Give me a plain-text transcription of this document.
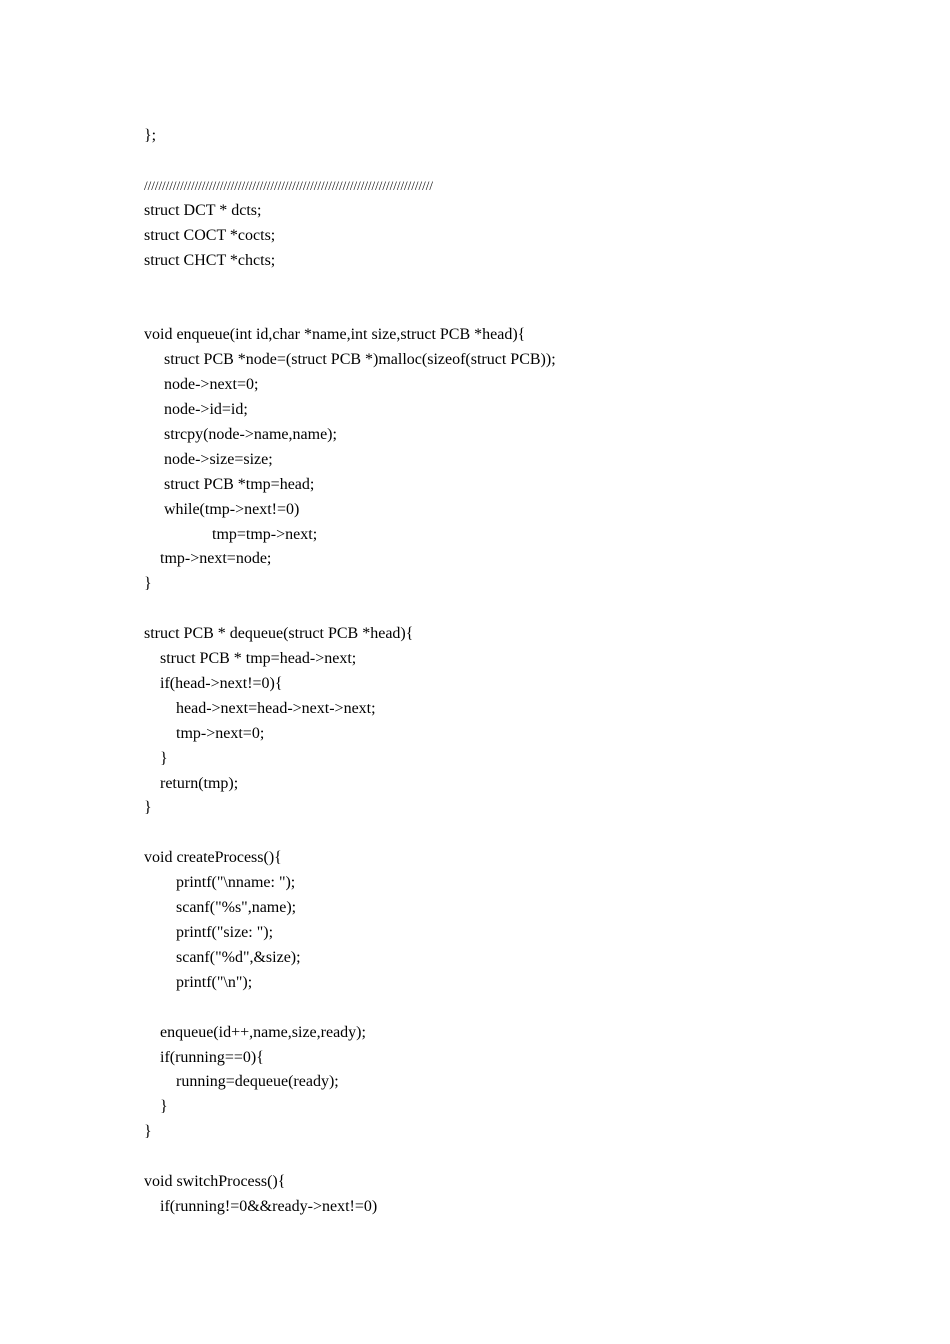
};
////////////////////////////////////////////////////////////////////////////////
struct DCT * dcts;
struct COCT *cocts;
struct CHCT *chcts;
void enqueue(int id,char *name,int size,struct PCB *head){
struct PCB *node=(struct PCB *)malloc(sizeof(struct PCB));
node->next=0;
node->id=id;
strcpy(node->name,name);
node->size=size;
struct PCB *tmp=head;
while(tmp->next!=0)
tmp=tmp->next;
tmp->next=node;
}
struct PCB * dequeue(struct PCB *head){
struct PCB * tmp=head->next;
if(head->next!=0){
head->next=head->next->next;
tmp->next=0;
}
return(tmp);
}
void createProcess(){
printf("\nname: ");
scanf("%s",name);
printf("size: ");
scanf("%d",&size);
printf("\n");
enqueue(id++,name,size,ready);
if(running==0){
running=dequeue(ready);
}
}
void switchProcess(){
if(running!=0&&ready->next!=0)
